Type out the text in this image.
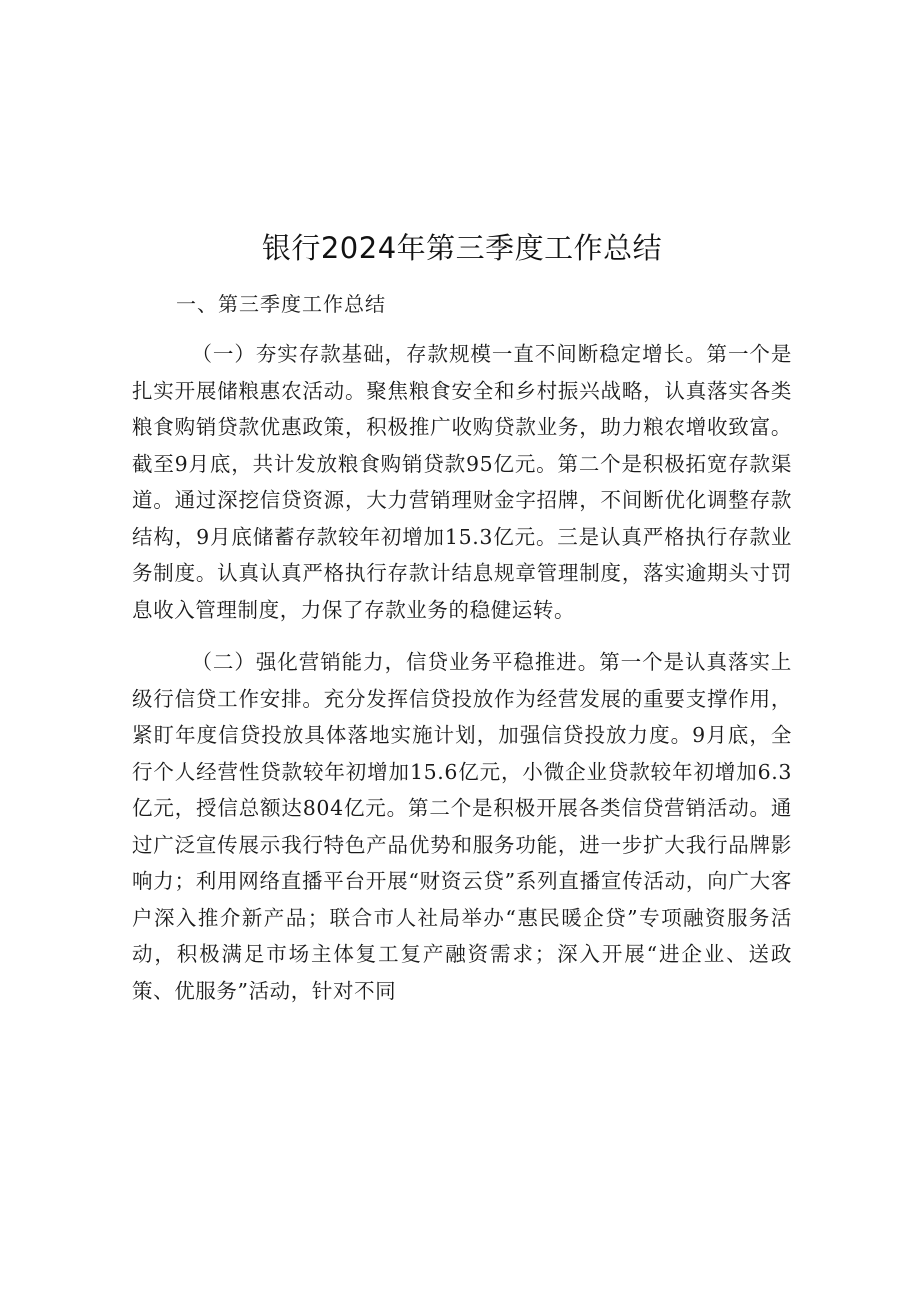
银行2024年第三季度工作总结

一、第三季度工作总结

（一）夯实存款基础，存款规模一直不间断稳定增长。第一个是扎实开展储粮惠农活动。聚焦粮食安全和乡村振兴战略，认真落实各类粮食购销贷款优惠政策，积极推广收购贷款业务，助力粮农增收致富。截至9月底，共计发放粮食购销贷款95亿元。第二个是积极拓宽存款渠道。通过深挖信贷资源，大力营销理财金字招牌，不间断优化调整存款结构，9月底储蓄存款较年初增加15.3亿元。三是认真严格执行存款业务制度。认真认真严格执行存款计结息规章管理制度，落实逾期头寸罚息收入管理制度，力保了存款业务的稳健运转。

（二）强化营销能力，信贷业务平稳推进。第一个是认真落实上级行信贷工作安排。充分发挥信贷投放作为经营发展的重要支撑作用，紧盯年度信贷投放具体落地实施计划，加强信贷投放力度。9月底，全行个人经营性贷款较年初增加15.6亿元，小微企业贷款较年初增加6.3亿元，授信总额达804亿元。第二个是积极开展各类信贷营销活动。通过广泛宣传展示我行特色产品优势和服务功能，进一步扩大我行品牌影响力；利用网络直播平台开展“财资云贷”系列直播宣传活动，向广大客户深入推介新产品；联合市人社局举办“惠民暖企贷”专项融资服务活动，积极满足市场主体复工复产融资需求；深入开展“进企业、送政策、优服务”活动，针对不同
